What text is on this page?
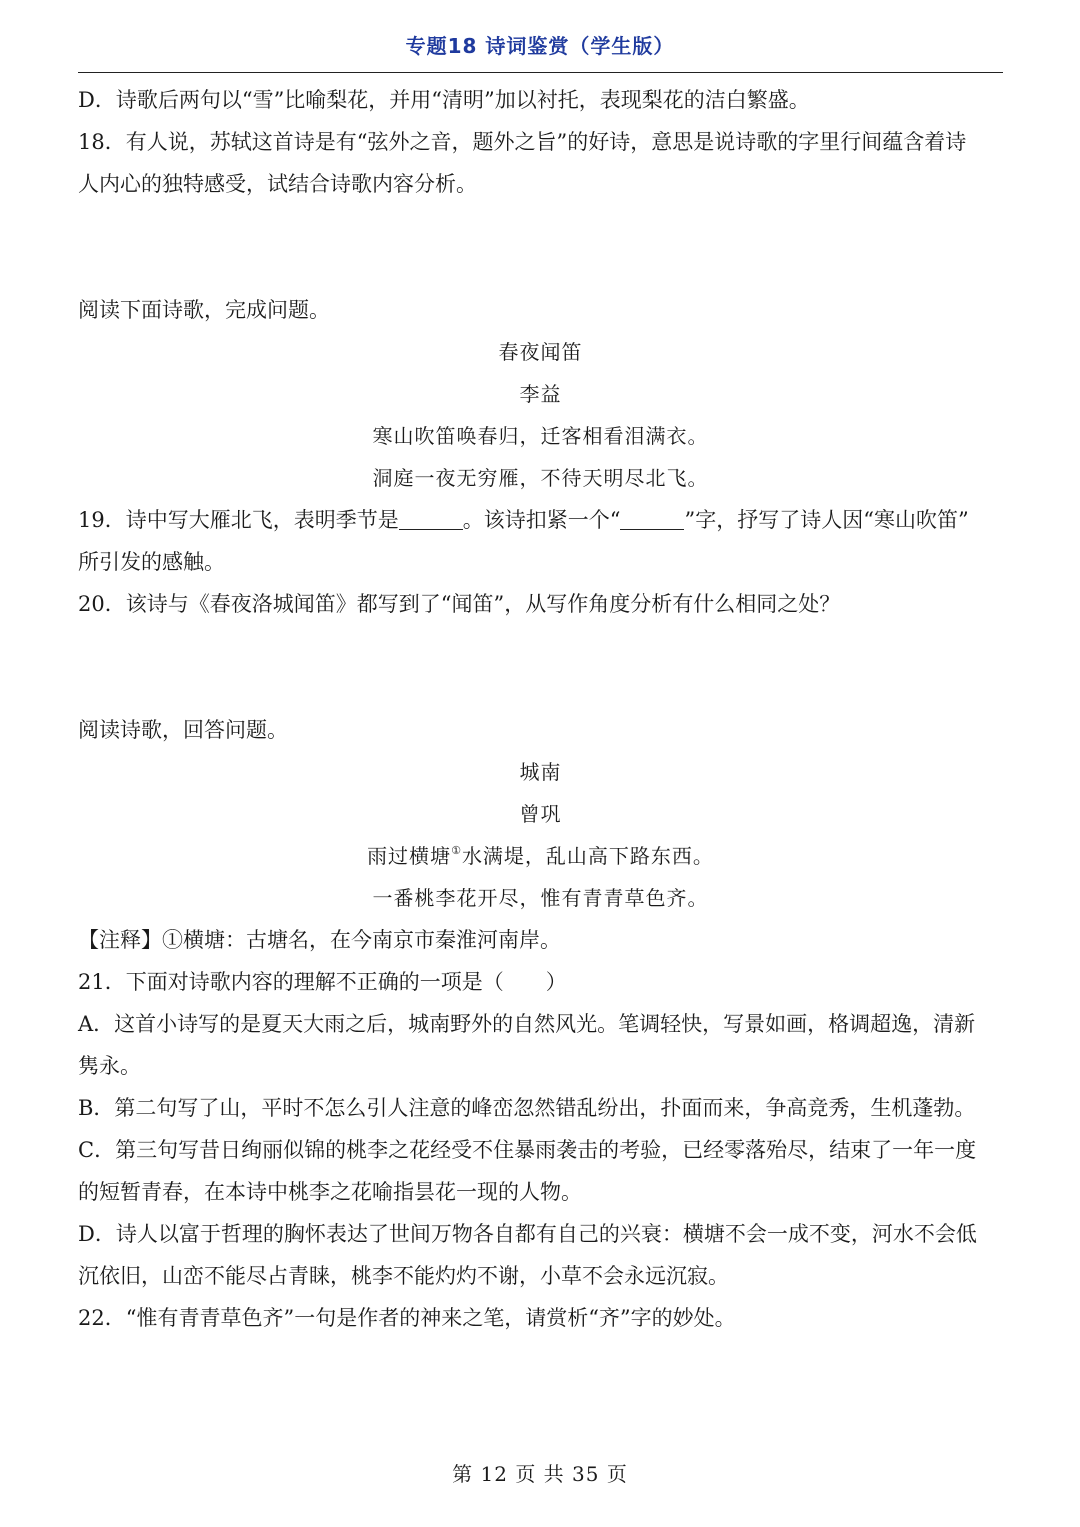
专题18 诗词鉴赏（学生版）

D．诗歌后两句以“雪”比喻梨花，并用“清明”加以衬托，表现梨花的洁白繁盛。

18．有人说，苏轼这首诗是有“弦外之音，题外之旨”的好诗，意思是说诗歌的字里行间蕴含着诗

人内心的独特感受，试结合诗歌内容分析。

阅读下面诗歌，完成问题。

春夜闻笛

李益

寒山吹笛唤春归，迁客相看泪满衣。

洞庭一夜无穷雁，不待天明尽北飞。

19．诗中写大雁北飞，表明季节是	。该诗扣紧一个“	”字，抒写了诗人因“寒山吹笛”

所引发的感触。

20．该诗与《春夜洛城闻笛》都写到了“闻笛”，从写作角度分析有什么相同之处？

阅读诗歌，回答问题。

城南

曾巩

雨过横塘①水满堤，乱山高下路东西。

一番桃李花开尽，惟有青青草色齐。

【注释】①横塘：古塘名，在今南京市秦淮河南岸。

21．下面对诗歌内容的理解不正确的一项是（　　）

A．这首小诗写的是夏天大雨之后，城南野外的自然风光。笔调轻快，写景如画，格调超逸，清新

隽永。

B．第二句写了山，平时不怎么引人注意的峰峦忽然错乱纷出，扑面而来，争高竞秀，生机蓬勃。

C．第三句写昔日绚丽似锦的桃李之花经受不住暴雨袭击的考验，已经零落殆尽，结束了一年一度

的短暂青春，在本诗中桃李之花喻指昙花一现的人物。

D．诗人以富于哲理的胸怀表达了世间万物各自都有自己的兴衰：横塘不会一成不变，河水不会低

沉依旧，山峦不能尽占青睐，桃李不能灼灼不谢，小草不会永远沉寂。

22．“惟有青青草色齐”一句是作者的神来之笔，请赏析“齐”字的妙处。

第 12 页 共 35 页
